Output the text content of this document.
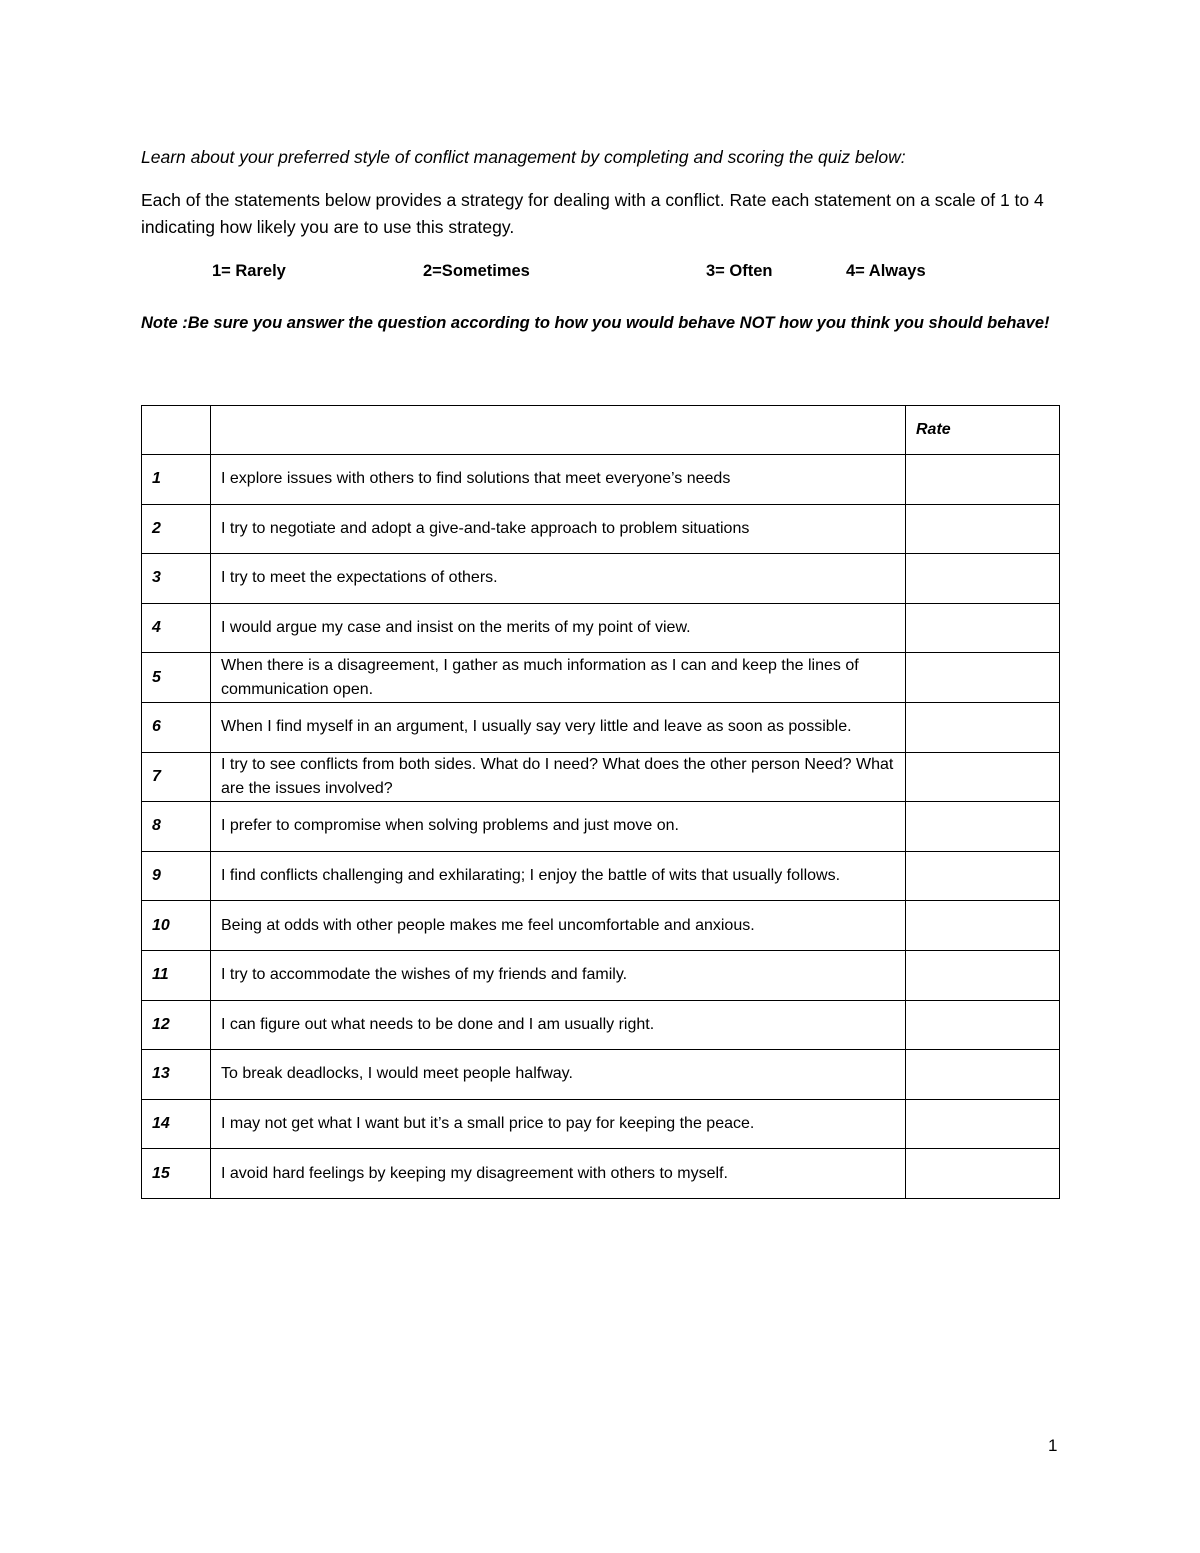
Learn about your preferred style of conflict management by completing and scoring the quiz below:

Each of the statements below provides a strategy for dealing with a conflict. Rate each statement on a scale of 1 to 4 indicating how likely you are to use this strategy.

1= Rarely	2=Sometimes	3= Often	4= Always

Note :Be sure you answer the question according to how you would behave NOT how you think you should behave!

		Rate
1	I explore issues with others to find solutions that meet everyone’s needs	
2	I try to negotiate and adopt a give-and-take approach to problem situations	
3	I try to meet the expectations of others.	
4	I would argue my case and insist on the merits of my point of view.	
5	When there is a disagreement, I gather as much information as I can and keep the lines of communication open.	
6	When I find myself in an argument, I usually say very little and leave as soon as possible.	
7	I try to see conflicts from both sides. What do I need? What does the other person Need? What are the issues involved?	
8	I prefer to compromise when solving problems and just move on.	
9	I find conflicts challenging and exhilarating; I enjoy the battle of wits that usually follows.	
10	Being at odds with other people makes me feel uncomfortable and anxious.	
11	I try to accommodate the wishes of my friends and family.	
12	I can figure out what needs to be done and I am usually right.	
13	To break deadlocks, I would meet people halfway.	
14	I may not get what I want but it’s a small price to pay for keeping the peace.	
15	I avoid hard feelings by keeping my disagreement with others to myself.	

1
